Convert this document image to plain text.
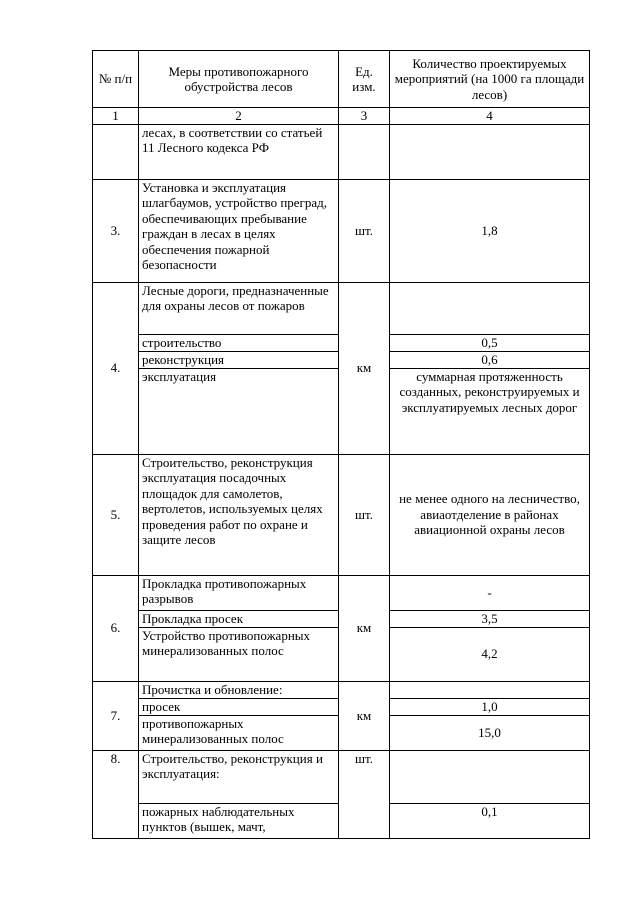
№ п/п	Меры противопожарного обустройства лесов	Ед. изм.	Количество проектируемых мероприятий (на 1000 га площади лесов)
1	2	3	4
	лесах, в соответствии со статьей 11 Лесного кодекса РФ		
3.	Установка и эксплуатация шлагбаумов, устройство преград, обеспечивающих пребывание граждан в лесах в целях обеспечения пожарной безопасности	шт.	1,8
4.	Лесные дороги, предназначенные для охраны лесов от пожаров	км	
	строительство		0,5
	реконструкция		0,6
	эксплуатация		суммарная протяженность созданных, реконструируемых и эксплуатируемых лесных дорог
5.	Строительство, реконструкция эксплуатация посадочных площадок для самолетов, вертолетов, используемых целях проведения работ по охране и защите лесов	шт.	не менее одного на лесничество, авиаотделение в районах авиационной охраны лесов
6.	Прокладка противопожарных разрывов	км	-
	Прокладка просек		3,5
	Устройство противопожарных минерализованных полос		4,2
7.	Прочистка и обновление:	км	
	просек		1,0
	противопожарных минерализованных полос		15,0
8.	Строительство, реконструкция и эксплуатация:	шт.	
	пожарных наблюдательных пунктов (вышек, мачт,		0,1
